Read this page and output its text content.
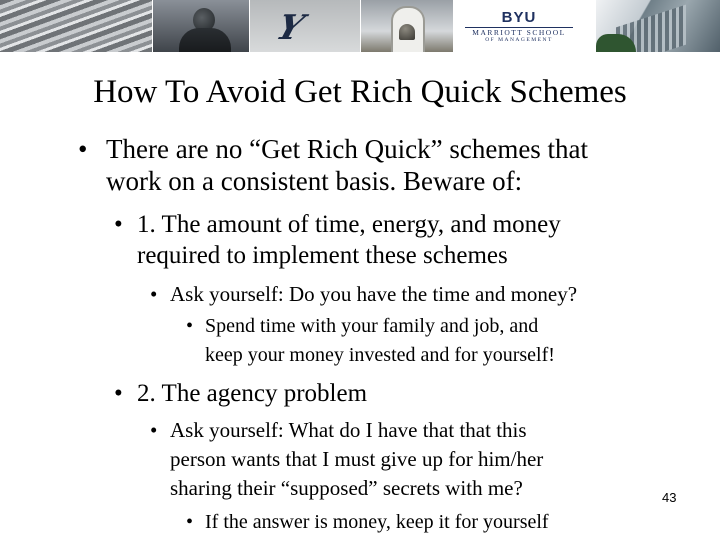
Y	BYU
MARRIOTT SCHOOL
OF MANAGEMENT
How To Avoid Get Rich Quick Schemes
• There are no “Get Rich Quick” schemes that
work on a consistent basis. Beware of:
• 1. The amount of time, energy, and money
required to implement these schemes
• Ask yourself: Do you have the time and money?
• Spend time with your family and job, and
keep your money invested and for yourself!
• 2. The agency problem
• Ask yourself: What do I have that that this
person wants that I must give up for him/her
sharing their “supposed” secrets with me?
• If the answer is money, keep it for yourself
43
